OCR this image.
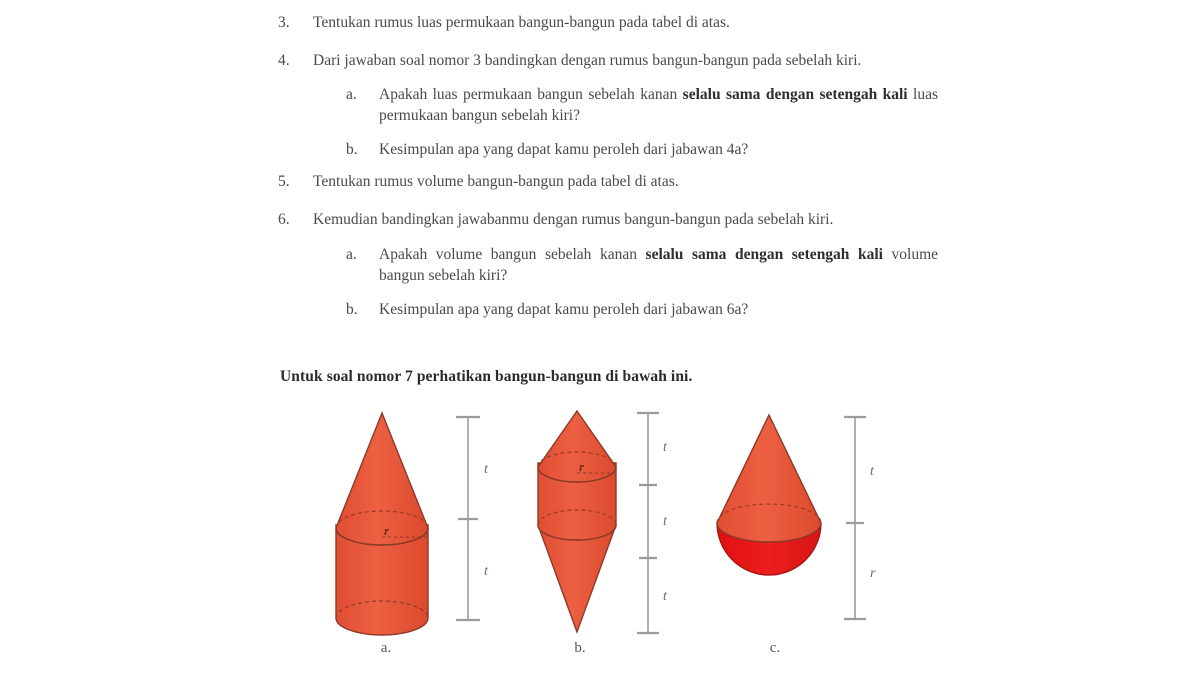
3.	Tentukan rumus luas permukaan bangun-bangun pada tabel di atas.
4.	Dari jawaban soal nomor 3 bandingkan dengan rumus bangun-bangun pada sebelah kiri.
a.	Apakah luas permukaan bangun sebelah kanan selalu sama dengan setengah kali luas permukaan bangun sebelah kiri?
b.	Kesimpulan apa yang dapat kamu peroleh dari jabawan 4a?
5.	Tentukan rumus volume bangun-bangun pada tabel di atas.
6.	Kemudian bandingkan jawabanmu dengan rumus bangun-bangun pada sebelah kiri.
a.	Apakah volume bangun sebelah kanan selalu sama dengan setengah kali volume bangun sebelah kiri?
b.	Kesimpulan apa yang dapat kamu peroleh dari jabawan 6a?
Untuk soal nomor 7 perhatikan bangun-bangun di bawah ini.
r
t
t
a.
r
t
t
t
b.
t
r
c.
